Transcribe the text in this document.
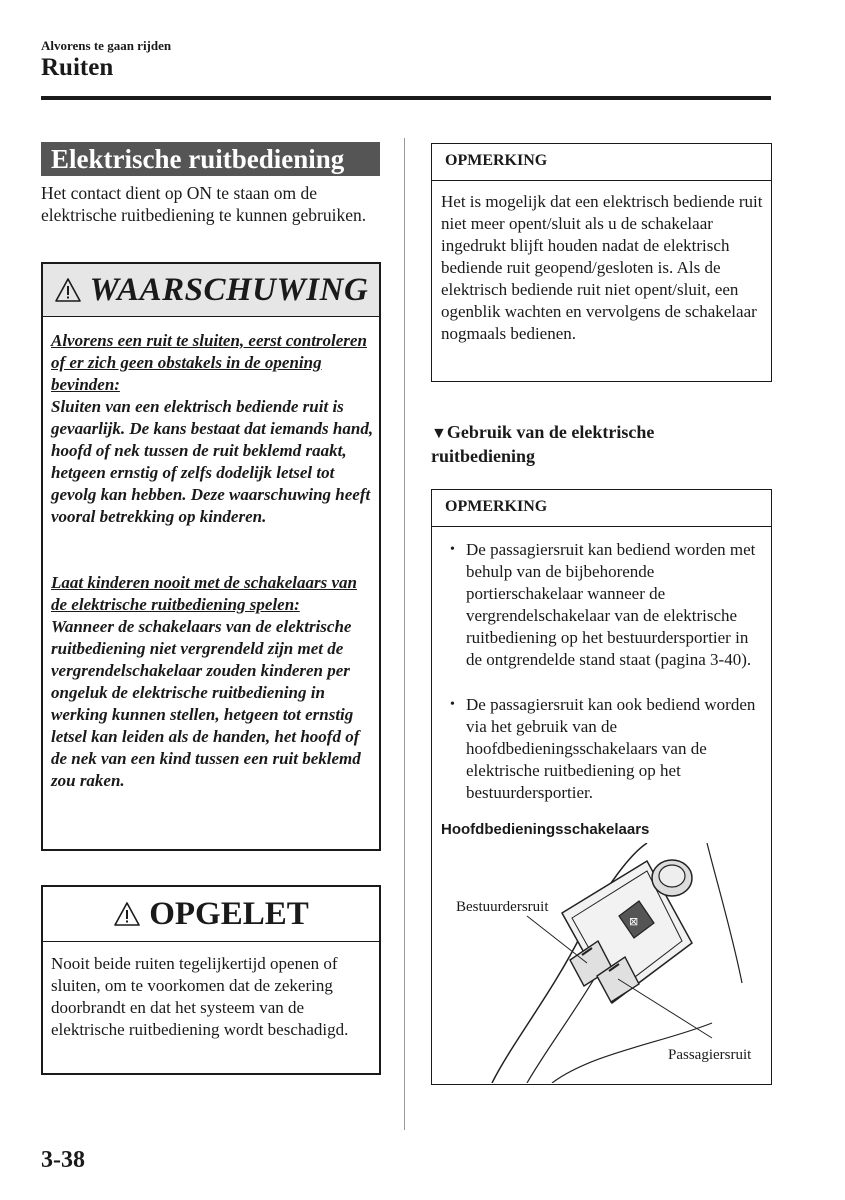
Alvorens te gaan rijden
Ruiten
Elektrische ruitbediening
Het contact dient op ON te staan om de elektrische ruitbediening te kunnen gebruiken.
WAARSCHUWING
Alvorens een ruit te sluiten, eerst controleren of er zich geen obstakels in de opening bevinden:
Sluiten van een elektrisch bediende ruit is gevaarlijk. De kans bestaat dat iemands hand, hoofd of nek tussen de ruit beklemd raakt, hetgeen ernstig of zelfs dodelijk letsel tot gevolg kan hebben. Deze waarschuwing heeft vooral betrekking op kinderen.
Laat kinderen nooit met de schakelaars van de elektrische ruitbediening spelen:
Wanneer de schakelaars van de elektrische ruitbediening niet vergrendeld zijn met de vergrendelschakelaar zouden kinderen per ongeluk de elektrische ruitbediening in werking kunnen stellen, hetgeen tot ernstig letsel kan leiden als de handen, het hoofd of de nek van een kind tussen een ruit beklemd zou raken.
OPGELET
Nooit beide ruiten tegelijkertijd openen of sluiten, om te voorkomen dat de zekering doorbrandt en dat het systeem van de elektrische ruitbediening wordt beschadigd.
OPMERKING
Het is mogelijk dat een elektrisch bediende ruit niet meer opent/sluit als u de schakelaar ingedrukt blijft houden nadat de elektrisch bediende ruit geopend/gesloten is. Als de elektrisch bediende ruit niet opent/sluit, een ogenblik wachten en vervolgens de schakelaar nogmaals bedienen.
▼Gebruik van de elektrische ruitbediening
OPMERKING
• De passagiersruit kan bediend worden met behulp van de bijbehorende portierschakelaar wanneer de vergrendelschakelaar van de elektrische ruitbediening op het bestuurdersportier in de ontgrendelde stand staat (pagina 3-40).
• De passagiersruit kan ook bediend worden via het gebruik van de hoofdbedieningsschakelaars van de elektrische ruitbediening op het bestuurdersportier.
Hoofdbedieningsschakelaars
⊠
Bestuurdersruit
Passagiersruit
3-38
